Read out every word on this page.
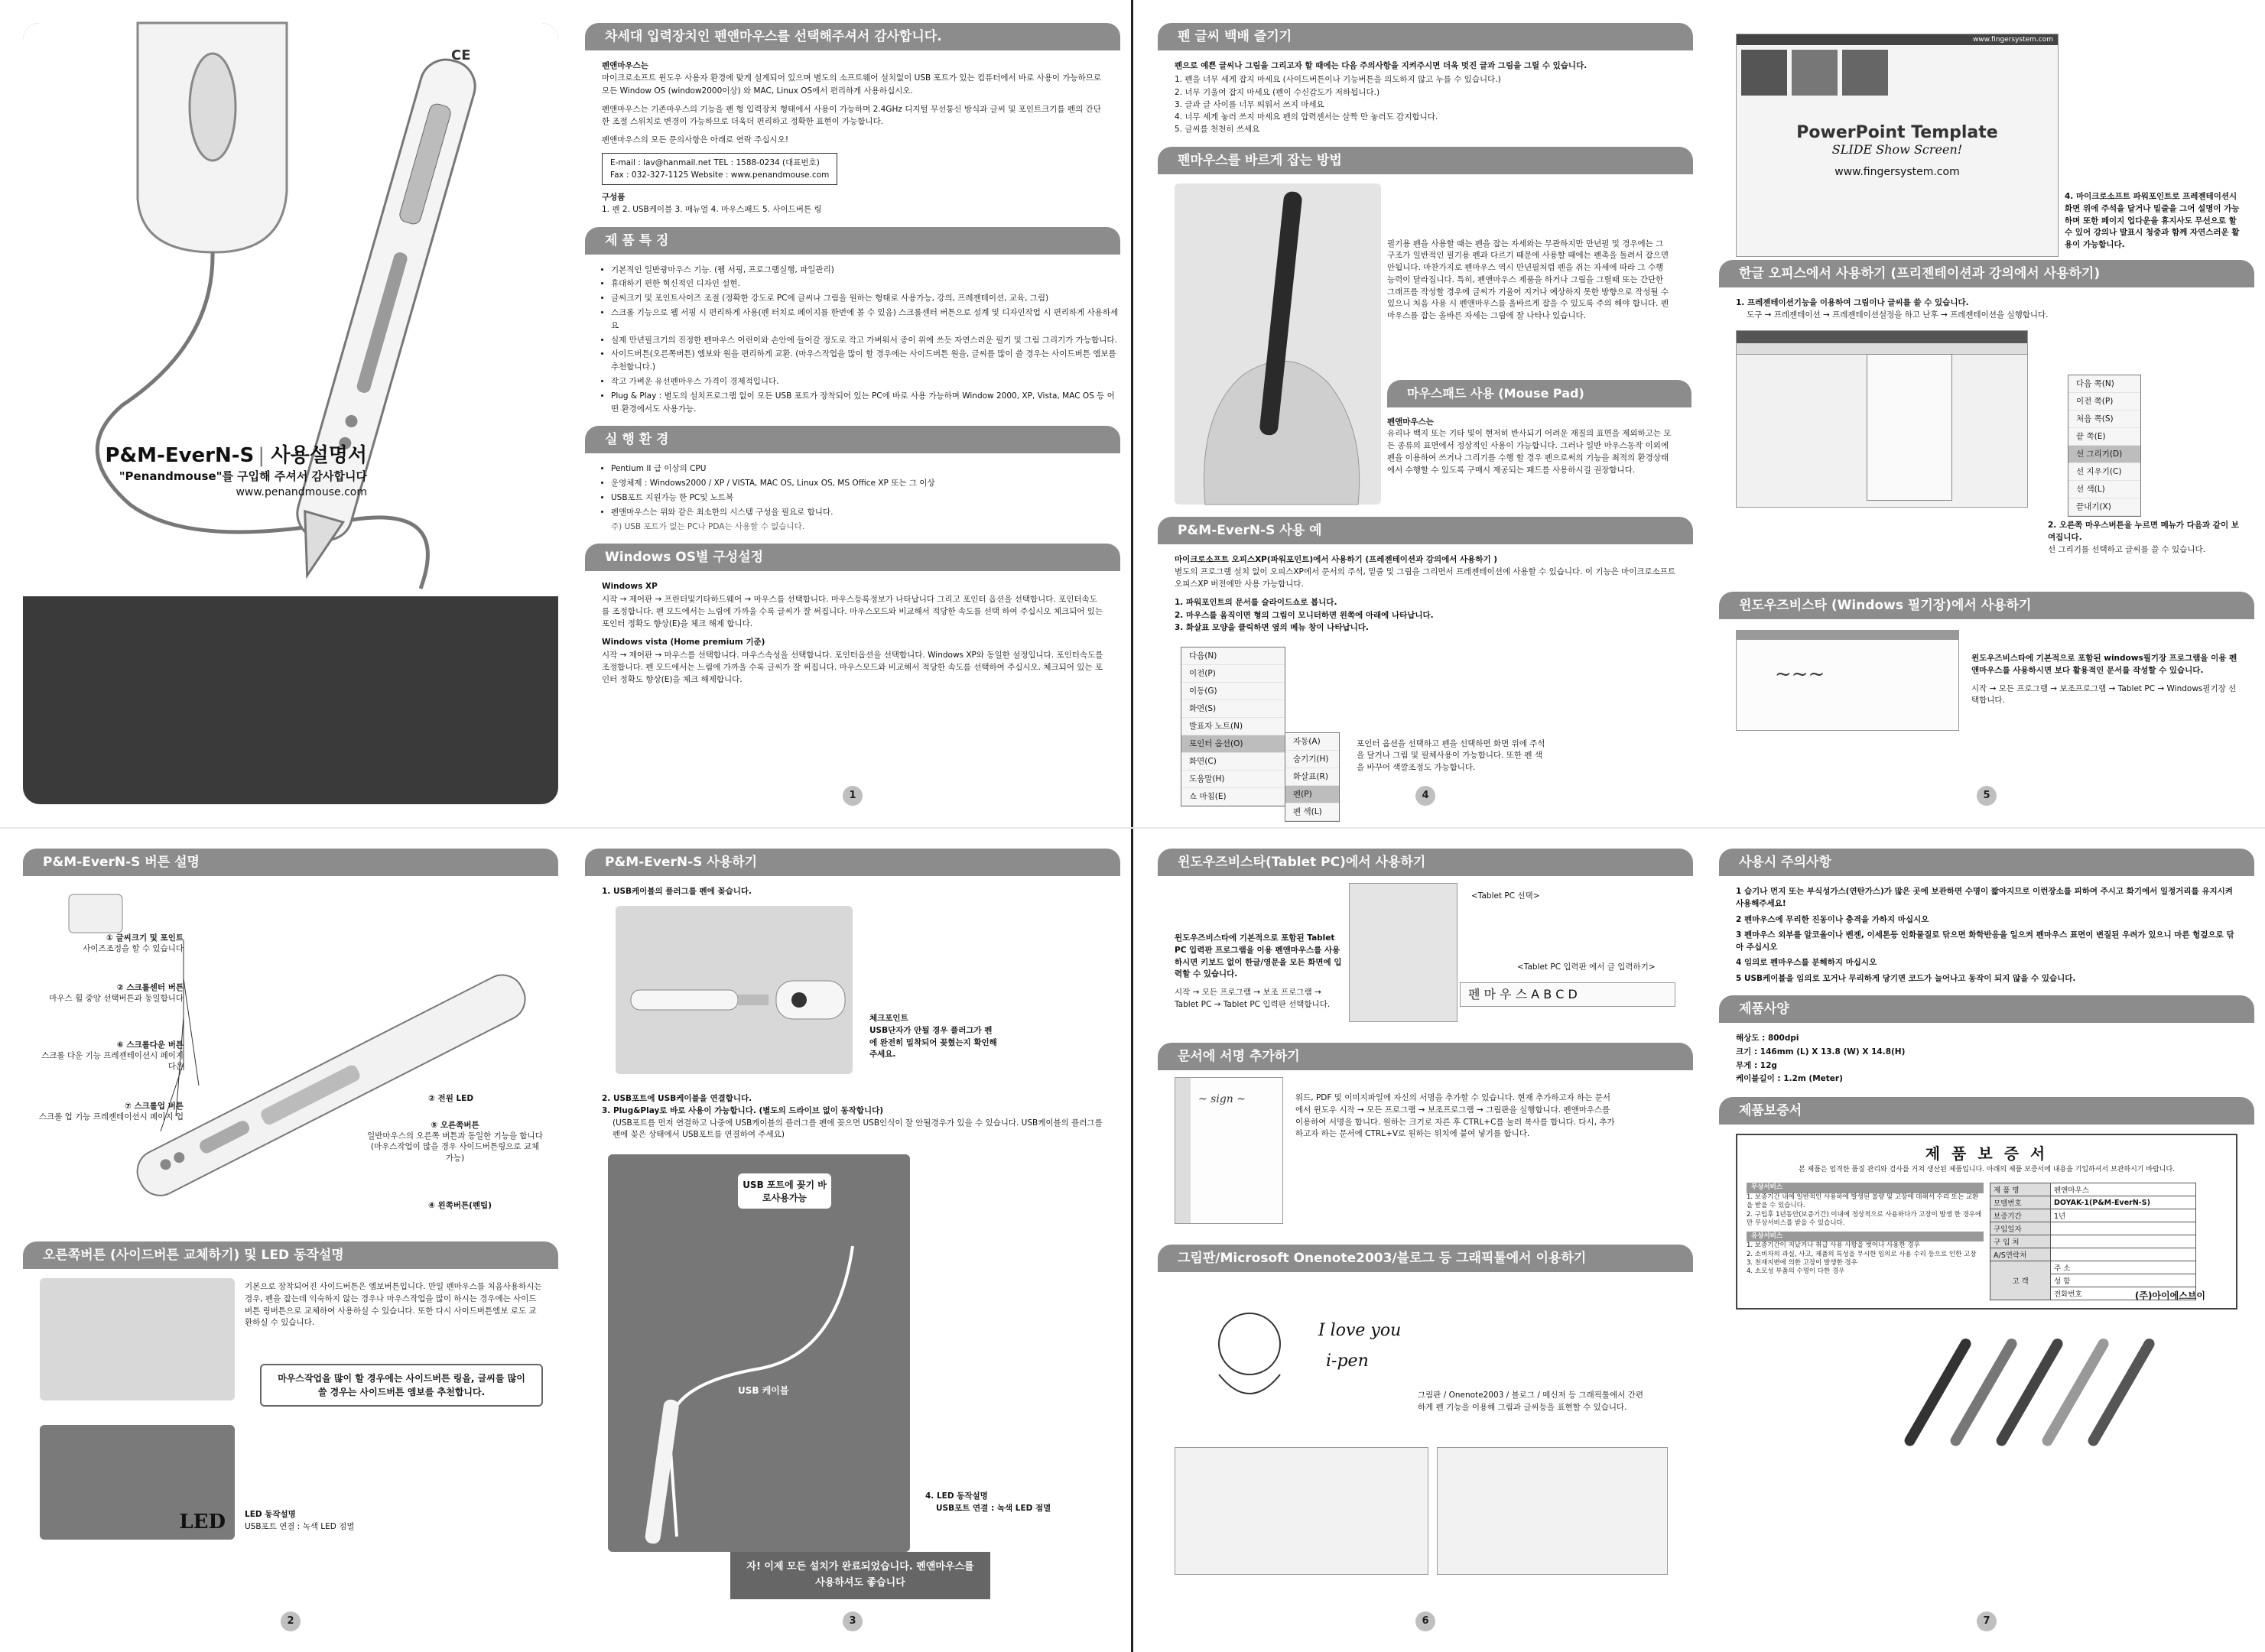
CE
P&M-EverN-S | 사용설명서
"Penandmouse"를 구입해 주셔서 감사합니다
www.penandmouse.com
차세대 입력장치인 펜앤마우스를 선택해주셔서 감사합니다.

펜앤마우스는
마이크로소프트 윈도우 사용자 환경에 맞게 설계되어 있으며 별도의 소프트웨어 설치없이 USB 포트가 있는 컴퓨터에서 바로 사용이 가능하므로 모든 Window OS (window2000이상) 와 MAC, Linux OS에서 편리하게 사용하십시오.

펜앤마우스는 기존마우스의 기능을 펜 형 입력장치 형태에서 사용이 가능하며 2.4GHz 디지털 무선통신 방식과 글씨 및 포인트크기를 펜의 간단한 조절 스위치로 변경이 가능하므로 더욱더 편리하고 정확한 표현이 가능합니다.

펜앤마우스의 모든 문의사항은 아래로 연락 주십시오!

E-mail : lav@hanmail.net TEL : 1588-0234 (대표번호)
Fax : 032-327-1125 Website : www.penandmouse.com

구성품
1. 펜 2. USB케이블 3. 매뉴얼 4. 마우스패드 5. 사이드버튼 링

제 품 특 징
• 기본적인 일반광마우스 기능. (웹 서핑, 프로그램실행, 파일관리)
• 휴대하기 편한 혁신적인 디자인 설현.
• 글씨크기 및 포인트사이즈 조절 (정확한 강도로 PC에 글씨나 그림을 원하는 형태로 사용가능, 강의, 프레젠테이션, 교육, 그림)
• 스크롤 기능으로 웹 서핑 시 편리하게 사용(펜 터치로 페이지를 한번에 볼 수 있음) 스크롤센터 버튼으로 설계 및 디자인작업 시 편리하게 사용하세요
• 실제 만년필크기의 진정한 펜마우스 어린이와 손안에 들어갈 정도로 작고 가벼워서 종이 위에 쓰듯 자연스러운 필기 및 그림 그리기가 가능합니다.
• 사이드버튼(오른쪽버튼) 엠보와 원을 편리하게 교환. (마우스작업을 많이 할 경우에는 사이드버튼 원을, 글씨를 많이 쓸 경우는 사이드버튼 엠보를 추천합니다.)
• 작고 가벼운 유선펜마우스 가격이 경제적입니다.
• Plug & Play : 별도의 설치프로그램 없이 모든 USB 포트가 장착되어 있는 PC에 바로 사용 가능하며 Window 2000, XP, Vista, MAC OS 등 어떤 환경에서도 사용가능.
실 행 환 경
• Pentium II 급 이상의 CPU
• 운영체제 : Windows2000 / XP / VISTA, MAC OS, Linux OS, MS Office XP 또는 그 이상
• USB포트 지원가능 한 PC및 노트북
• 펜앤마우스는 위와 같은 최소한의 시스템 구성을 필요로 합니다.
주) USB 포트가 없는 PC나 PDA는 사용할 수 없습니다.
Windows OS별 구성설정

Windows XP
시작 → 제어판 → 프린터및기타하드웨어 → 마우스를 선택합니다. 마우스등록정보가 나타납니다 그리고 포인터 옵션을 선택합니다. 포인터속도를 조정합니다. 펜 모드에서는 느림에 가까울 수록 글씨가 잘 써집니다. 마우스모드와 비교해서 적당한 속도를 선택 하여 주십시오 체크되어 있는 포인터 정확도 향상(E)을 체크 해제 합니다.

Windows vista (Home premium 기준)
시작 → 제어판 → 마우스를 선택합니다. 마우스속성을 선택합니다. 포인터옵션을 선택합니다. Windows XP와 동일한 설정입니다. 포인터속도를 조정합니다. 펜 모드에서는 느림에 가까울 수록 글씨가 잘 써집니다. 마우스모드와 비교해서 적당한 속도를 선택하여 주십시오. 체크되어 있는 포인터 정확도 향상(E)을 체크 해제합니다.

1
펜 글씨 백배 즐기기

펜으로 예쁜 글씨나 그림을 그리고자 할 때에는 다음 주의사항을 지켜주시면 더욱 멋진 글과 그림을 그릴 수 있습니다.

1. 펜을 너무 세게 잡지 마세요 (사이드버튼이나 기능버튼을 의도하지 않고 누를 수 있습니다.)
2. 너무 기울여 잡지 마세요 (펜이 수신감도가 저하됩니다.)
3. 글과 글 사이를 너무 띄워서 쓰지 마세요
4. 너무 세게 놓러 쓰지 마세요 펜의 압력센서는 살짝 만 놓러도 감지합니다.
5. 글씨를 천천히 쓰세요
펜마우스를 바르게 잡는 방법
필기용 펜을 사용할 때는 펜을 잡는 자세와는 무관하지만 만년필 및 경우에는 그 구조가 일반적인 필기용 펜과 다르기 때문에 사용할 때에는 펜촉을 돌려서 잡으면 안됩니다. 마찬가지로 펜마우스 역시 만년필처럼 펜을 쥐는 자세에 따라 그 수행 능력이 달라집니다. 특히, 펜앤마우스 제품을 하거나 그림을 그릴때 또는 간단한 그래프를 작성할 경우에 글씨가 기울어 지거나 예상하지 못한 방향으로 작성될 수 있으니 처음 사용 시 펜앤마우스를 올바르게 잡을 수 있도록 주의 해야 합니다. 펜마우스를 잡는 올바른 자세는 그림에 잘 나타나 있습니다.
마우스패드 사용 (Mouse Pad)
펜앤마우스는
유리나 백지 또는 기타 빛이 현저히 반사되기 어려운 재질의 표면을 제외하고는 모든 종류의 표면에서 정상적인 사용이 가능합니다. 그러나 일반 마우스동작 이외에 펜을 이용하여 쓰거나 그리기를 수행 할 경우 펜으로써의 기능을 최적의 환경상태에서 수행할 수 있도록 구매시 제공되는 패드를 사용하시길 권장합니다.
P&M-EverN-S 사용 예

마이크로소프트 오피스XP(파워포인트)에서 사용하기 (프레젠테이션과 강의에서 사용하기 )
별도의 프로그램 설치 없이 오피스XP에서 문서의 주석, 밑줄 및 그림을 그리면서 프레젠테이션에 사용할 수 있습니다. 이 기능은 마이크로소프트 오피스XP 버전에만 사용 가능합니다.

1. 파워포인트의 문서를 슬라이드쇼로 봅니다.
2. 마우스를 움직이면 형의 그림이 모니터하면 왼쪽에 아래에 나타납니다.
3. 화살표 모양을 클릭하면 옆의 메뉴 창이 나타납니다.
다음(N)
이전(P)
이동(G)
화면(S)
발표자 노트(N)
포인터 옵션(O)
화면(C)
도움말(H)
쇼 마침(E)
자동(A)
숨기기(H)
화살표(R)
펜(P)
펜 색(L)
포인터 옵션을 선택하고 펜을 선택하면 화면 위에 주석을 달거나 그림 및 필체사용이 가능합니다. 또한 펜 색을 바꾸어 색깔조정도 가능합니다.
4
www.fingersystem.com
PowerPoint Template
SLIDE Show Screen!
www.fingersystem.com
4. 마이크로소프트 파워포인트로 프레젠테이션시 화면 위에 주석을 달거나 밑줄을 그어 설명이 가능하며 또한 페이지 업다운을 휴지사도 무선으로 할 수 있어 강의나 발표시 청중과 함께 자연스러운 활용이 가능합니다.
한글 오피스에서 사용하기 (프리젠테이션과 강의에서 사용하기)
1. 프레젠테이션기능을 이용하여 그림이나 글씨를 쓸 수 있습니다.
도구 → 프레젠테이션 → 프레젠테이션설정을 하고 난후 → 프레젠테이션을 실행합니다.
다음 쪽(N)
이전 쪽(P)
처음 쪽(S)
끝 쪽(E)
선 그리기(D)
선 지우기(C)
선 색(L)
끝내기(X)
2. 오른쪽 마우스버튼을 누르면 메뉴가 다음과 같이 보여집니다.
선 그리기를 선택하고 글씨를 쓸 수 있습니다.
윈도우즈비스타 (Windows 필기장)에서 사용하기
~~~
윈도우즈비스타에 기본적으로 포함된 windows필기장 프로그램을 이용 펜앤마우스를 사용하시면 보다 활용적인 문서를 작성할 수 있습니다.
시작 → 모든 프로그램 → 보조프로그램 → Tablet PC → Windows필기장 선택합니다.
5
P&M-EverN-S 버튼 설명
① 글씨크기 및 포인트
사이즈조정을 할 수 있습니다
② 스크롤센터 버튼
마우스 휠 중앙 선택버튼과 동일합니다
⑥ 스크롤다운 버튼
스크롤 다운 기능 프레젠테이션시 페이지 다운
⑦ 스크롤업 버튼
스크롤 업 기능 프레젠테이션시 페이지 업
② 전원 LED
⑤ 오른쪽버튼
일반마우스의 오른쪽 버튼과 동일한 기능을 합니다 (마우스작업이 많을 경우 사이드버튼링으로 교체가능)
④ 왼쪽버튼(펜팁)
오른쪽버튼 (사이드버튼 교체하기) 및 LED 동작설명
기본으로 장착되어진 사이드버튼은 엠보버튼입니다. 만일 펜마우스를 처음사용하시는 경우, 펜을 잡는데 익숙하지 않는 경우나 마우스작업을 많이 하시는 경우에는 사이드버튼 링버튼으로 교체하여 사용하실 수 있습니다. 또한 다시 사이드버튼엠보 로도 교환하실 수 있습니다.
마우스작업을 많이 할 경우에는 사이드버튼 링을, 글씨를 많이 쓸 경우는 사이드버튼 엠보를 추천합니다.
LED LED 동작설명
USB포트 연결 : 녹색 LED 점멸
2
P&M-EverN-S 사용하기
1. USB케이블의 플러그를 펜에 꽂습니다.
체크포인트
USB단자가 안될 경우 플러그가 펜에 완전히 밀착되어 꽂혔는지 확인해 주세요.
2. USB포트에 USB케이블을 연결합니다.
3. Plug&Play로 바로 사용이 가능합니다. (별도의 드라이브 없이 동작합니다)
(USB포트를 먼저 연결하고 나중에 USB케이블의 플러그를 펜에 꽂으면 USB인식이 잘 안될경우가 있을 수 있습니다. USB케이블의 플러그를 펜에 꽂은 상태에서 USB포트를 연결하여 주세요)
USB 포트에 꽂기 바로사용가능
USB 케이블
4. LED 동작설명
USB포트 연결 : 녹색 LED 점멸
자! 이제 모든 설치가 완료되었습니다. 펜앤마우스를 사용하셔도 좋습니다
3
윈도우즈비스타(Tablet PC)에서 사용하기
윈도우즈비스타에 기본적으로 포함된 Tablet PC 입력판 프로그램을 이용 펜앤마우스를 사용하시면 키보드 없이 한글/영문을 모든 화면에 입력할 수 있습니다.
시작 → 모든 프로그램 → 보조 프로그램 → Tablet PC → Tablet PC 입력판 선택합니다.
<Tablet PC 선택>
<Tablet PC 입력판 에서 글 입력하기>
펜 마 우 스 A B C D
문서에 서명 추가하기
~ sign ~	워드, PDF 및 이미지파일에 자신의 서명을 추가할 수 있습니다. 현재 추가하고자 하는 문서에서 윈도우 시작 → 모든 프로그램 → 보조프로그램 → 그림판을 실행합니다. 펜앤마우스를 이용하여 서명을 합니다. 원하는 크기로 자른 후 CTRL+C를 눌러 복사를 합니다. 다시, 추가하고자 하는 문서에 CTRL+V로 원하는 위치에 붙여 넣기를 합니다.
그림판/Microsoft Onenote2003/블로그 등 그래픽툴에서 이용하기
I love you
i-pen
그림판 / Onenote2003 / 블로그 / 메신저 등 그래픽툴에서 간편하게 펜 기능을 이용해 그림과 글씨등을 표현할 수 있습니다.
6
사용시 주의사항
1 습기나 먼지 또는 부식성가스(연탄가스)가 많은 곳에 보관하면 수명이 짧아지므로 이런장소를 피하여 주시고 화기에서 일정거리를 유지시켜 사용해주세요!
2 펜마우스에 무리한 진동이나 충격을 가하지 마십시오
3 펜마우스 외부를 알코올이나 벤젠, 이세톤등 인화물질로 닦으면 화학반응을 일으켜 펜마우스 표면이 변질된 우려가 있으니 마른 헝겊으로 닦아 주십시오
4 임의로 펜마우스를 분해하지 마십시오
5 USB케이블을 임의로 꼬거나 무리하게 당기면 코드가 늘어나고 동작이 되지 않을 수 있습니다.
제품사양
해상도 : 800dpi
크기 : 146mm (L) X 13.8 (W) X 14.8(H)
무게 : 12g
케이블길이 : 1.2m (Meter)
제품보증서
제 품 보 증 서
본 제품은 엄격한 품질 관리와 검사를 거쳐 생산된 제품입니다. 아래의 제품 보증서에 내용을 기입하셔서 보관하시기 바랍니다.
무상서비스
1. 보증기간 내에 일반적인 사용하에 발생된 불량 및 고장에 대해서 수리 또는 교환을 받을 수 있습니다.
2. 구입후 1년동안(보증기간) 이내에 정상적으로 사용하다가 고장이 발생 한 경우에만 무상서비스를 받을 수 있습니다.
유상서비스
1. 보증기간이 지났거나 취급 사용 사항을 벗어나 사용한 경우
2. 소비자의 과실, 사고, 제품의 특성을 무시한 임의로 사용 수리 등으로 인한 고장
3. 천재지변에 의한 고장이 발생한 경우
4. 소모성 부품의 수명이 다한 경우
제 품 명	펜앤마우스
모델번호	DOYAK-1(P&M-EverN-S)
보증기간	1년
구입일자	
구 입 처	
A/S연락처	
고 객	주 소
	성 함
	전화번호	(주)아이에스브이
7
